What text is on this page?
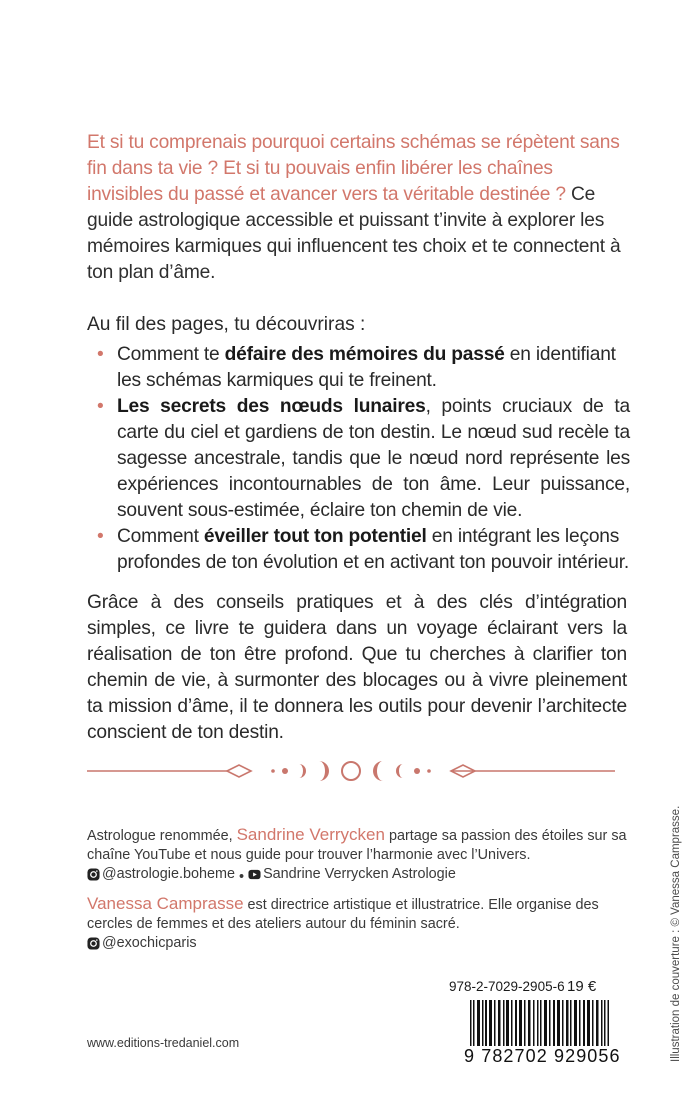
Et si tu comprenais pourquoi certains schémas se répètent sans fin dans ta vie ? Et si tu pouvais enfin libérer les chaînes invisibles du passé et avancer vers ta véritable destinée ? Ce guide astrologique accessible et puissant t’invite à explorer les mémoires karmiques qui influencent tes choix et te connectent à ton plan d’âme.
Au fil des pages, tu découvriras :
• Comment te défaire des mémoires du passé en identifiant les schémas karmiques qui te freinent.
• Les secrets des nœuds lunaires, points cruciaux de ta carte du ciel et gardiens de ton destin. Le nœud sud recèle ta sagesse ancestrale, tandis que le nœud nord représente les expériences incontournables de ton âme. Leur puissance, souvent sous-estimée, éclaire ton chemin de vie.
• Comment éveiller tout ton potentiel en intégrant les leçons profondes de ton évolution et en activant ton pouvoir intérieur.
Grâce à des conseils pratiques et à des clés d’intégration simples, ce livre te guidera dans un voyage éclairant vers la réalisation de ton être profond. Que tu cherches à clarifier ton chemin de vie, à surmonter des blocages ou à vivre pleinement ta mission d’âme, il te donnera les outils pour devenir l’architecte conscient de ton destin.
Astrologue renommée, Sandrine Verrycken partage sa passion des étoiles sur sa chaîne YouTube et nous guide pour trouver l’harmonie avec l’Univers.

@astrologie.boheme • Sandrine Verrycken Astrologie
Vanessa Camprasse est directrice artistique et illustratrice. Elle organise des cercles de femmes et des ateliers autour du féminin sacré.

@exochicparis
978-2-7029-2905-6 19 €
9 782702 929056
www.editions-tredaniel.com	Illustration de couverture : © Vanessa Camprasse.
